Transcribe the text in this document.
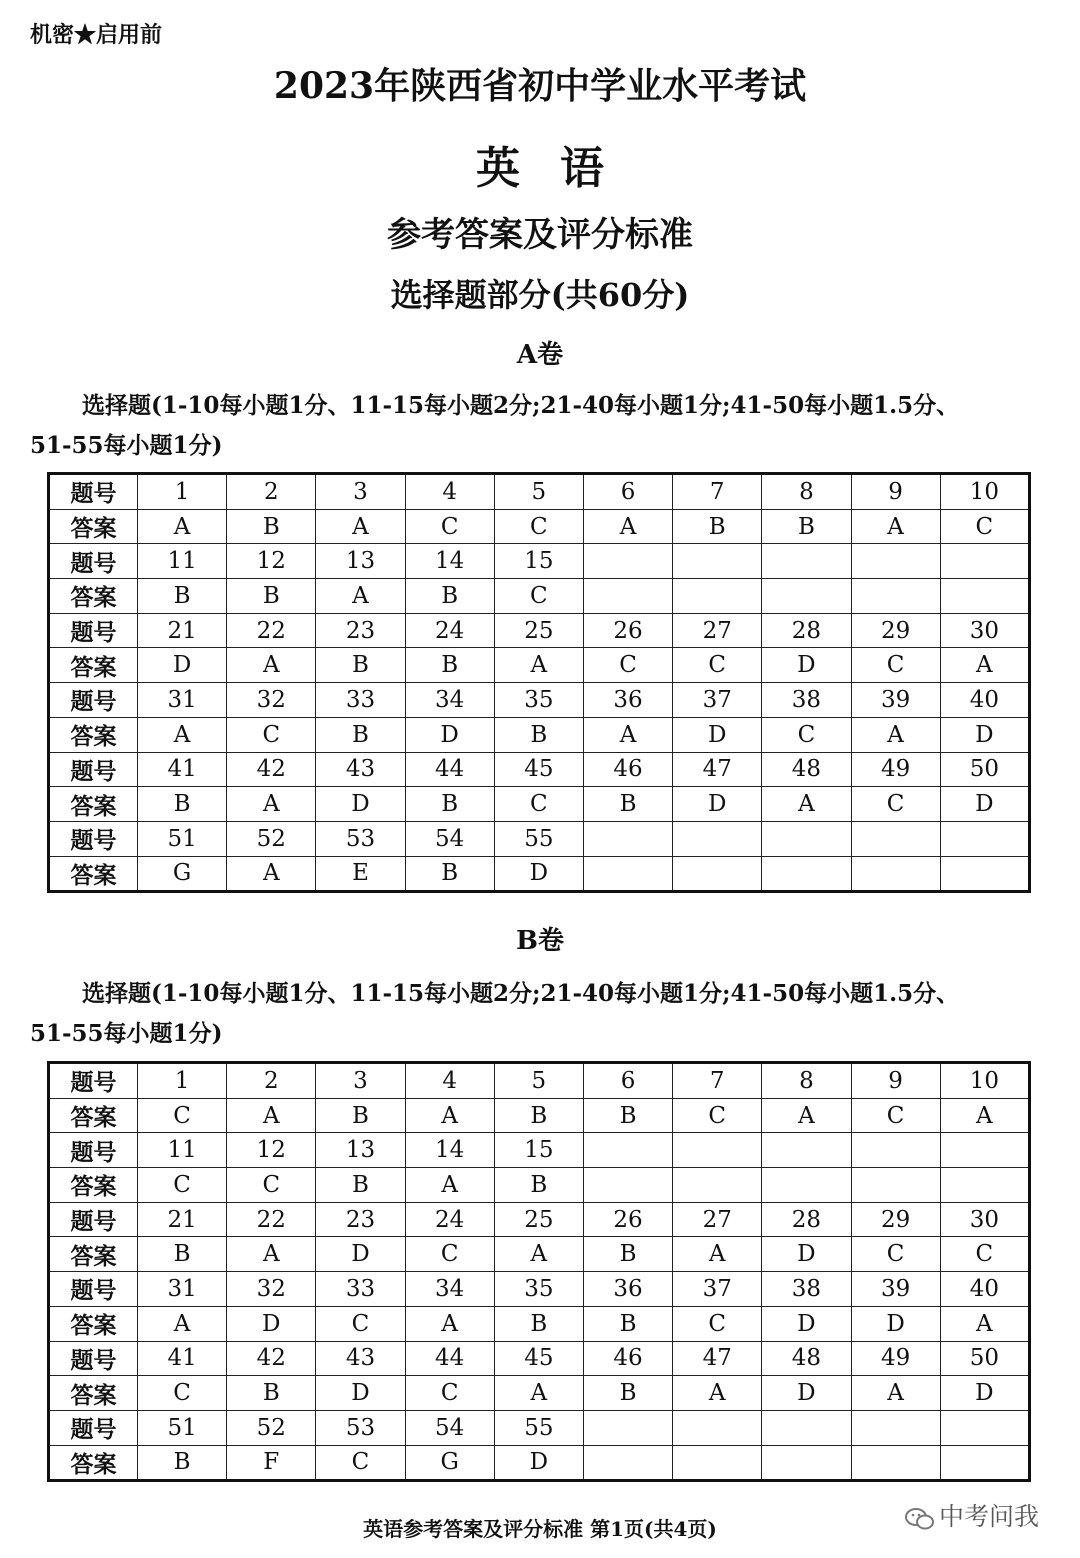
机密★启用前
2023年陕西省初中学业水平考试
英语
参考答案及评分标准
选择题部分(共60分)
A卷
选择题(1-10每小题1分、11-15每小题2分;21-40每小题1分;41-50每小题1.5分、
51-55每小题1分)
题号	1	2	3	4	5	6	7	8	9	10
答案	A	B	A	C	C	A	B	B	A	C
题号	11	12	13	14	15					
答案	B	B	A	B	C					
题号	21	22	23	24	25	26	27	28	29	30
答案	D	A	B	B	A	C	C	D	C	A
题号	31	32	33	34	35	36	37	38	39	40
答案	A	C	B	D	B	A	D	C	A	D
题号	41	42	43	44	45	46	47	48	49	50
答案	B	A	D	B	C	B	D	A	C	D
题号	51	52	53	54	55					
答案	G	A	E	B	D					
B卷
选择题(1-10每小题1分、11-15每小题2分;21-40每小题1分;41-50每小题1.5分、
51-55每小题1分)
题号	1	2	3	4	5	6	7	8	9	10
答案	C	A	B	A	B	B	C	A	C	A
题号	11	12	13	14	15					
答案	C	C	B	A	B					
题号	21	22	23	24	25	26	27	28	29	30
答案	B	A	D	C	A	B	A	D	C	C
题号	31	32	33	34	35	36	37	38	39	40
答案	A	D	C	A	B	B	C	D	D	A
题号	41	42	43	44	45	46	47	48	49	50
答案	C	B	D	C	A	B	A	D	A	D
题号	51	52	53	54	55					
答案	B	F	C	G	D					
英语参考答案及评分标准 第1页(共4页)	中考问我
